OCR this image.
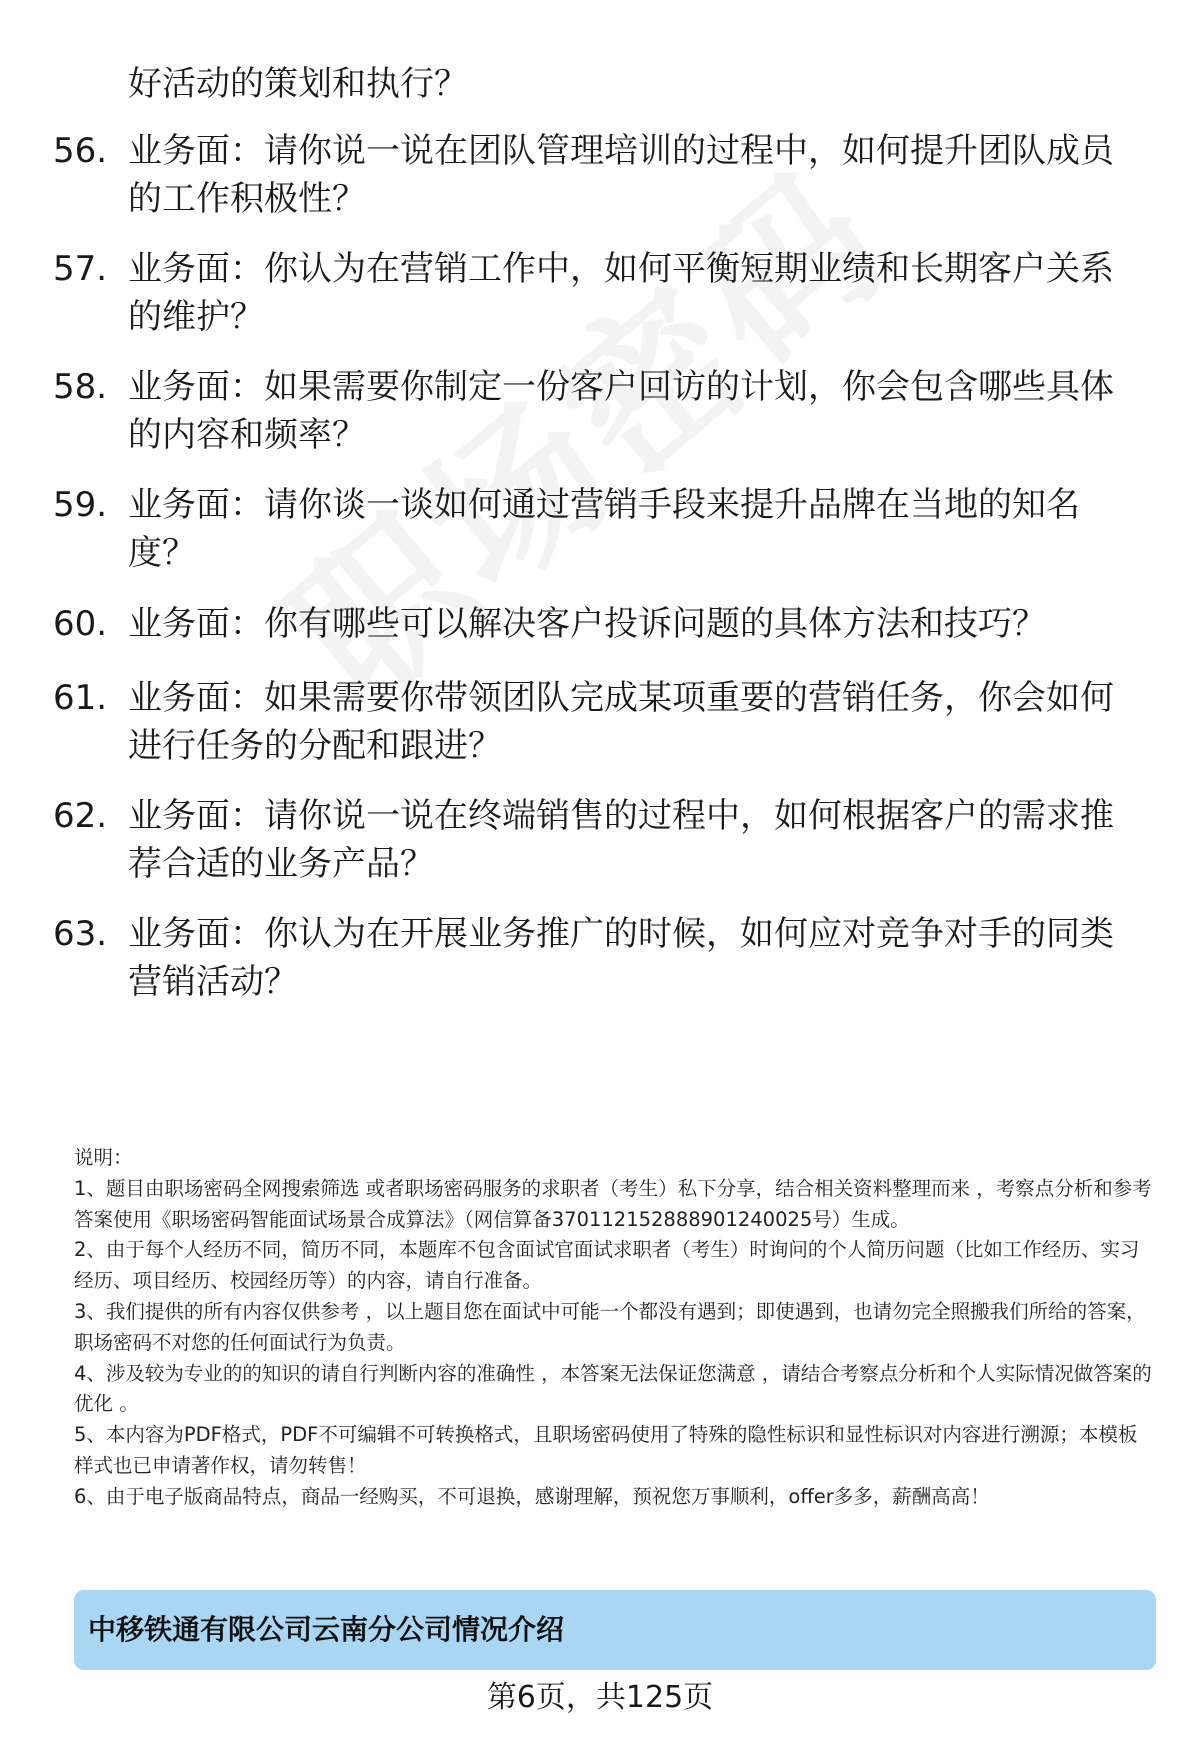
好活动的策划和执行？
56. 业务面：请你说一说在团队管理培训的过程中，如何提升团队成员的工作积极性？
57. 业务面：你认为在营销工作中，如何平衡短期业绩和长期客户关系的维护？
58. 业务面：如果需要你制定一份客户回访的计划，你会包含哪些具体的内容和频率？
59. 业务面：请你谈一谈如何通过营销手段来提升品牌在当地的知名度？
60. 业务面：你有哪些可以解决客户投诉问题的具体方法和技巧？
61. 业务面：如果需要你带领团队完成某项重要的营销任务，你会如何进行任务的分配和跟进？
62. 业务面：请你说一说在终端销售的过程中，如何根据客户的需求推荐合适的业务产品？
63. 业务面：你认为在开展业务推广的时候，如何应对竞争对手的同类营销活动？

说明：

1、题目由职场密码全网搜索筛选 或者职场密码服务的求职者（考生）私下分享，结合相关资料整理而来 ，考察点分析和参考答案使用《职场密码智能面试场景合成算法》（网信算备370112152888901240025号）生成。

2、由于每个人经历不同，简历不同，本题库不包含面试官面试求职者（考生）时询问的个人简历问题（比如工作经历、实习经历、项目经历、校园经历等）的内容，请自行准备。

3、我们提供的所有内容仅供参考 ，以上题目您在面试中可能一个都没有遇到；即使遇到，也请勿完全照搬我们所给的答案，职场密码不对您的任何面试行为负责。

4、涉及较为专业的的知识的请自行判断内容的准确性 ，本答案无法保证您满意 ，请结合考察点分析和个人实际情况做答案的优化 。

5、本内容为PDF格式，PDF不可编辑不可转换格式，且职场密码使用了特殊的隐性标识和显性标识对内容进行溯源；本模板样式也已申请著作权，请勿转售！

6、由于电子版商品特点，商品一经购买，不可退换，感谢理解，预祝您万事顺利，offer多多，薪酬高高！

中移铁通有限公司云南分公司情况介绍
第6页，共125页
